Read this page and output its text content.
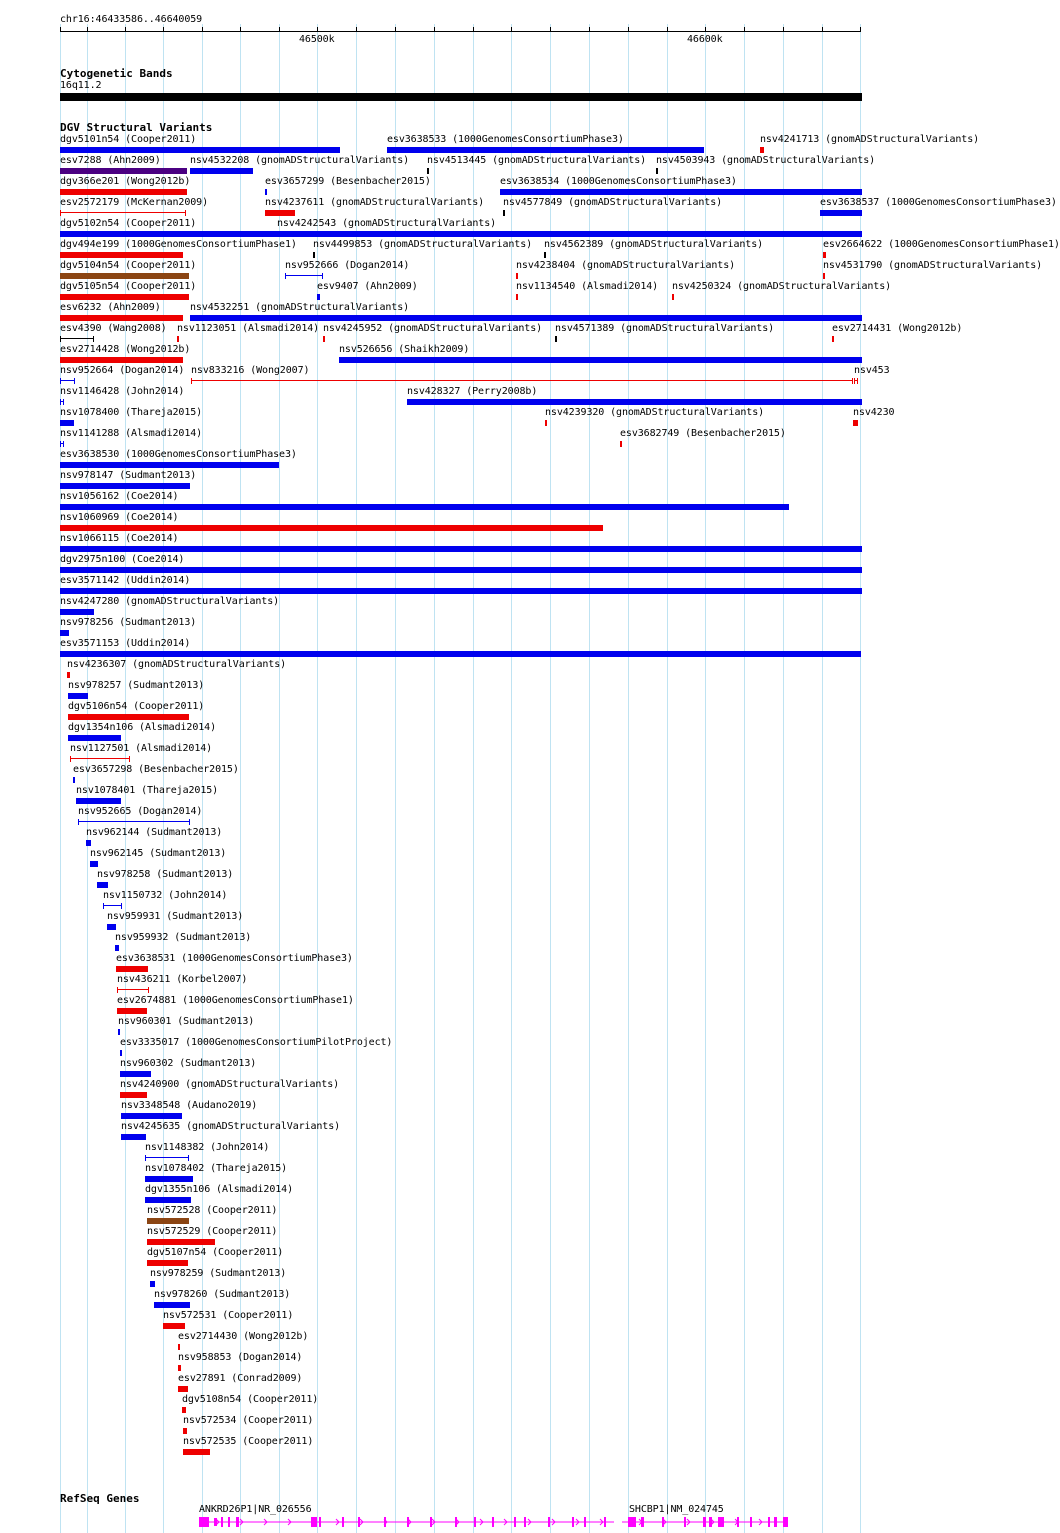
chr16:46433586..46640059
46500k	46600k
Cytogenetic Bands
16q11.2
DGV Structural Variants
dgv5101n54 (Cooper2011)	esv3638533 (1000GenomesConsortiumPhase3)	nsv4241713 (gnomADStructuralVariants)
esv7288 (Ahn2009)	nsv4532208 (gnomADStructuralVariants) nsv4513445 (gnomADStructuralVariants) nsv4503943 (gnomADStructuralVariants)
dgv366e201 (Wong2012b)	esv3657299 (Besenbacher2015)	esv3638534 (1000GenomesConsortiumPhase3)
esv2572179 (McKernan2009)	nsv4237611 (gnomADStructuralVariants) nsv4577849 (gnomADStructuralVariants)	esv3638537 (1000GenomesConsortiumPhase3)
dgv5102n54 (Cooper2011)	nsv4242543 (gnomADStructuralVariants)
dgv494e199 (1000GenomesConsortiumPhase1) nsv4499853 (gnomADStructuralVariants) nsv4562389 (gnomADStructuralVariants)	esv2664622 (1000GenomesConsortiumPhase1)
dgv5104n54 (Cooper2011)	nsv952666 (Dogan2014)	nsv4238404 (gnomADStructuralVariants)	nsv4531790 (gnomADStructuralVariants)
dgv5105n54 (Cooper2011)	esv9407 (Ahn2009)	nsv1134540 (Alsmadi2014) nsv4250324 (gnomADStructuralVariants)
esv6232 (Ahn2009)	nsv4532251 (gnomADStructuralVariants)
esv4390 (Wang2008) nsv1123051 (Alsmadi2014) nsv4245952 (gnomADStructuralVariants) nsv4571389 (gnomADStructuralVariants)	esv2714431 (Wong2012b)
esv2714428 (Wong2012b)	nsv526656 (Shaikh2009)
nsv952664 (Dogan2014) nsv833216 (Wong2007)	nsv453
nsv1146428 (John2014)	nsv428327 (Perry2008b)
nsv1078400 (Thareja2015)	nsv4239320 (gnomADStructuralVariants)	nsv4230
nsv1141288 (Alsmadi2014)	esv3682749 (Besenbacher2015)
esv3638530 (1000GenomesConsortiumPhase3)
nsv978147 (Sudmant2013)
nsv1056162 (Coe2014)
nsv1060969 (Coe2014)
nsv1066115 (Coe2014)
dgv2975n100 (Coe2014)
esv3571142 (Uddin2014)
nsv4247280 (gnomADStructuralVariants)
nsv978256 (Sudmant2013)
esv3571153 (Uddin2014)
nsv4236307 (gnomADStructuralVariants)
nsv978257 (Sudmant2013)
dgv5106n54 (Cooper2011)
dgv1354n106 (Alsmadi2014)
nsv1127501 (Alsmadi2014)
esv3657298 (Besenbacher2015)
nsv1078401 (Thareja2015)
nsv952665 (Dogan2014)
nsv962144 (Sudmant2013)
nsv962145 (Sudmant2013)
nsv978258 (Sudmant2013)
nsv1150732 (John2014)
nsv959931 (Sudmant2013)
nsv959932 (Sudmant2013)
esv3638531 (1000GenomesConsortiumPhase3)
nsv436211 (Korbel2007)
esv2674881 (1000GenomesConsortiumPhase1)
nsv960301 (Sudmant2013)
esv3335017 (1000GenomesConsortiumPilotProject)
nsv960302 (Sudmant2013)
nsv4240900 (gnomADStructuralVariants)
nsv3348548 (Audano2019)
nsv4245635 (gnomADStructuralVariants)
nsv1148382 (John2014)
nsv1078402 (Thareja2015)
dgv1355n106 (Alsmadi2014)
nsv572528 (Cooper2011)
nsv572529 (Cooper2011)
dgv5107n54 (Cooper2011)
nsv978259 (Sudmant2013)
nsv978260 (Sudmant2013)
nsv572531 (Cooper2011)
esv2714430 (Wong2012b)
nsv958853 (Dogan2014)
esv27891 (Conrad2009)
dgv5108n54 (Cooper2011)
nsv572534 (Cooper2011)
nsv572535 (Cooper2011)
RefSeq Genes
ANKRD26P1|NR_026556	SHCBP1|NM_024745
